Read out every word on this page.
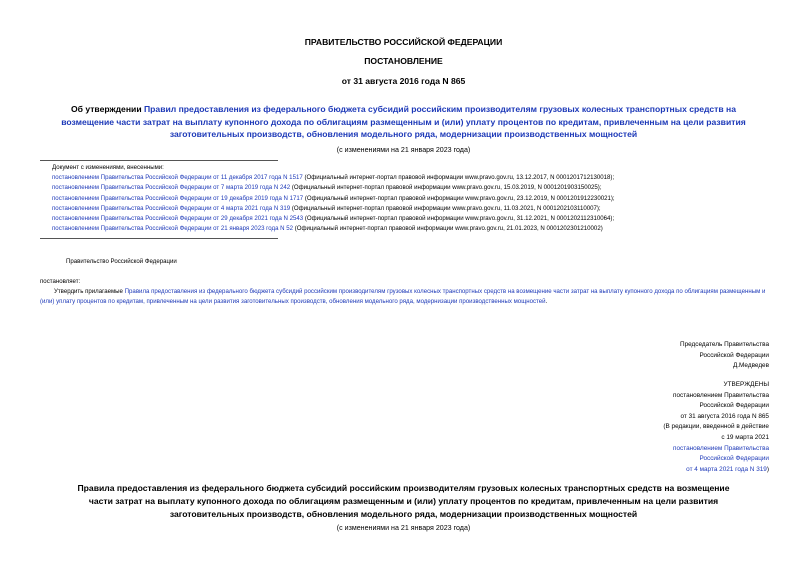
ПРАВИТЕЛЬСТВО РОССИЙСКОЙ ФЕДЕРАЦИИ
ПОСТАНОВЛЕНИЕ
от 31 августа 2016 года N 865
Об утверждении Правил предоставления из федерального бюджета субсидий российским производителям грузовых колесных транспортных средств на возмещение части затрат на выплату купонного дохода по облигациям размещенным и (или) уплату процентов по кредитам, привлеченным на цели развития заготовительных производств, обновления модельного ряда, модернизации производственных мощностей
(с изменениями на 21 января 2023 года)
Документ с изменениями, внесенными:
постановлением Правительства Российской Федерации от 11 декабря 2017 года N 1517 (Официальный интернет-портал правовой информации www.pravo.gov.ru, 13.12.2017, N 0001201712130018);
постановлением Правительства Российской Федерации от 7 марта 2019 года N 242 (Официальный интернет-портал правовой информации www.pravo.gov.ru, 15.03.2019, N 0001201903150025);
постановлением Правительства Российской Федерации от 19 декабря 2019 года N 1717 (Официальный интернет-портал правовой информации www.pravo.gov.ru, 23.12.2019, N 0001201912230021);
постановлением Правительства Российской Федерации от 4 марта 2021 года N 319 (Официальный интернет-портал правовой информации www.pravo.gov.ru, 11.03.2021, N 0001202103110007);
постановлением Правительства Российской Федерации от 29 декабря 2021 года N 2543 (Официальный интернет-портал правовой информации www.pravo.gov.ru, 31.12.2021, N 0001202112310064);
постановлением Правительства Российской Федерации от 21 января 2023 года N 52 (Официальный интернет-портал правовой информации www.pravo.gov.ru, 21.01.2023, N 0001202301210002)
Правительство Российской Федерации
постановляет:
Утвердить прилагаемые Правила предоставления из федерального бюджета субсидий российским производителям грузовых колесных транспортных средств на возмещение части затрат на выплату купонного дохода по облигациям размещенным и (или) уплату процентов по кредитам, привлеченным на цели развития заготовительных производств, обновления модельного ряда, модернизации производственных мощностей.
Председатель Правительства
Российской Федерации
Д.Медведев
УТВЕРЖДЕНЫ
постановлением Правительства
Российской Федерации
от 31 августа 2016 года N 865
(В редакции, введенной в действие
с 19 марта 2021
постановлением Правительства
Российской Федерации
от 4 марта 2021 года N 319)
Правила предоставления из федерального бюджета субсидий российским производителям грузовых колесных транспортных средств на возмещение части затрат на выплату купонного дохода по облигациям размещенным и (или) уплату процентов по кредитам, привлеченным на цели развития заготовительных производств, обновления модельного ряда, модернизации производственных мощностей
(с изменениями на 21 января 2023 года)
